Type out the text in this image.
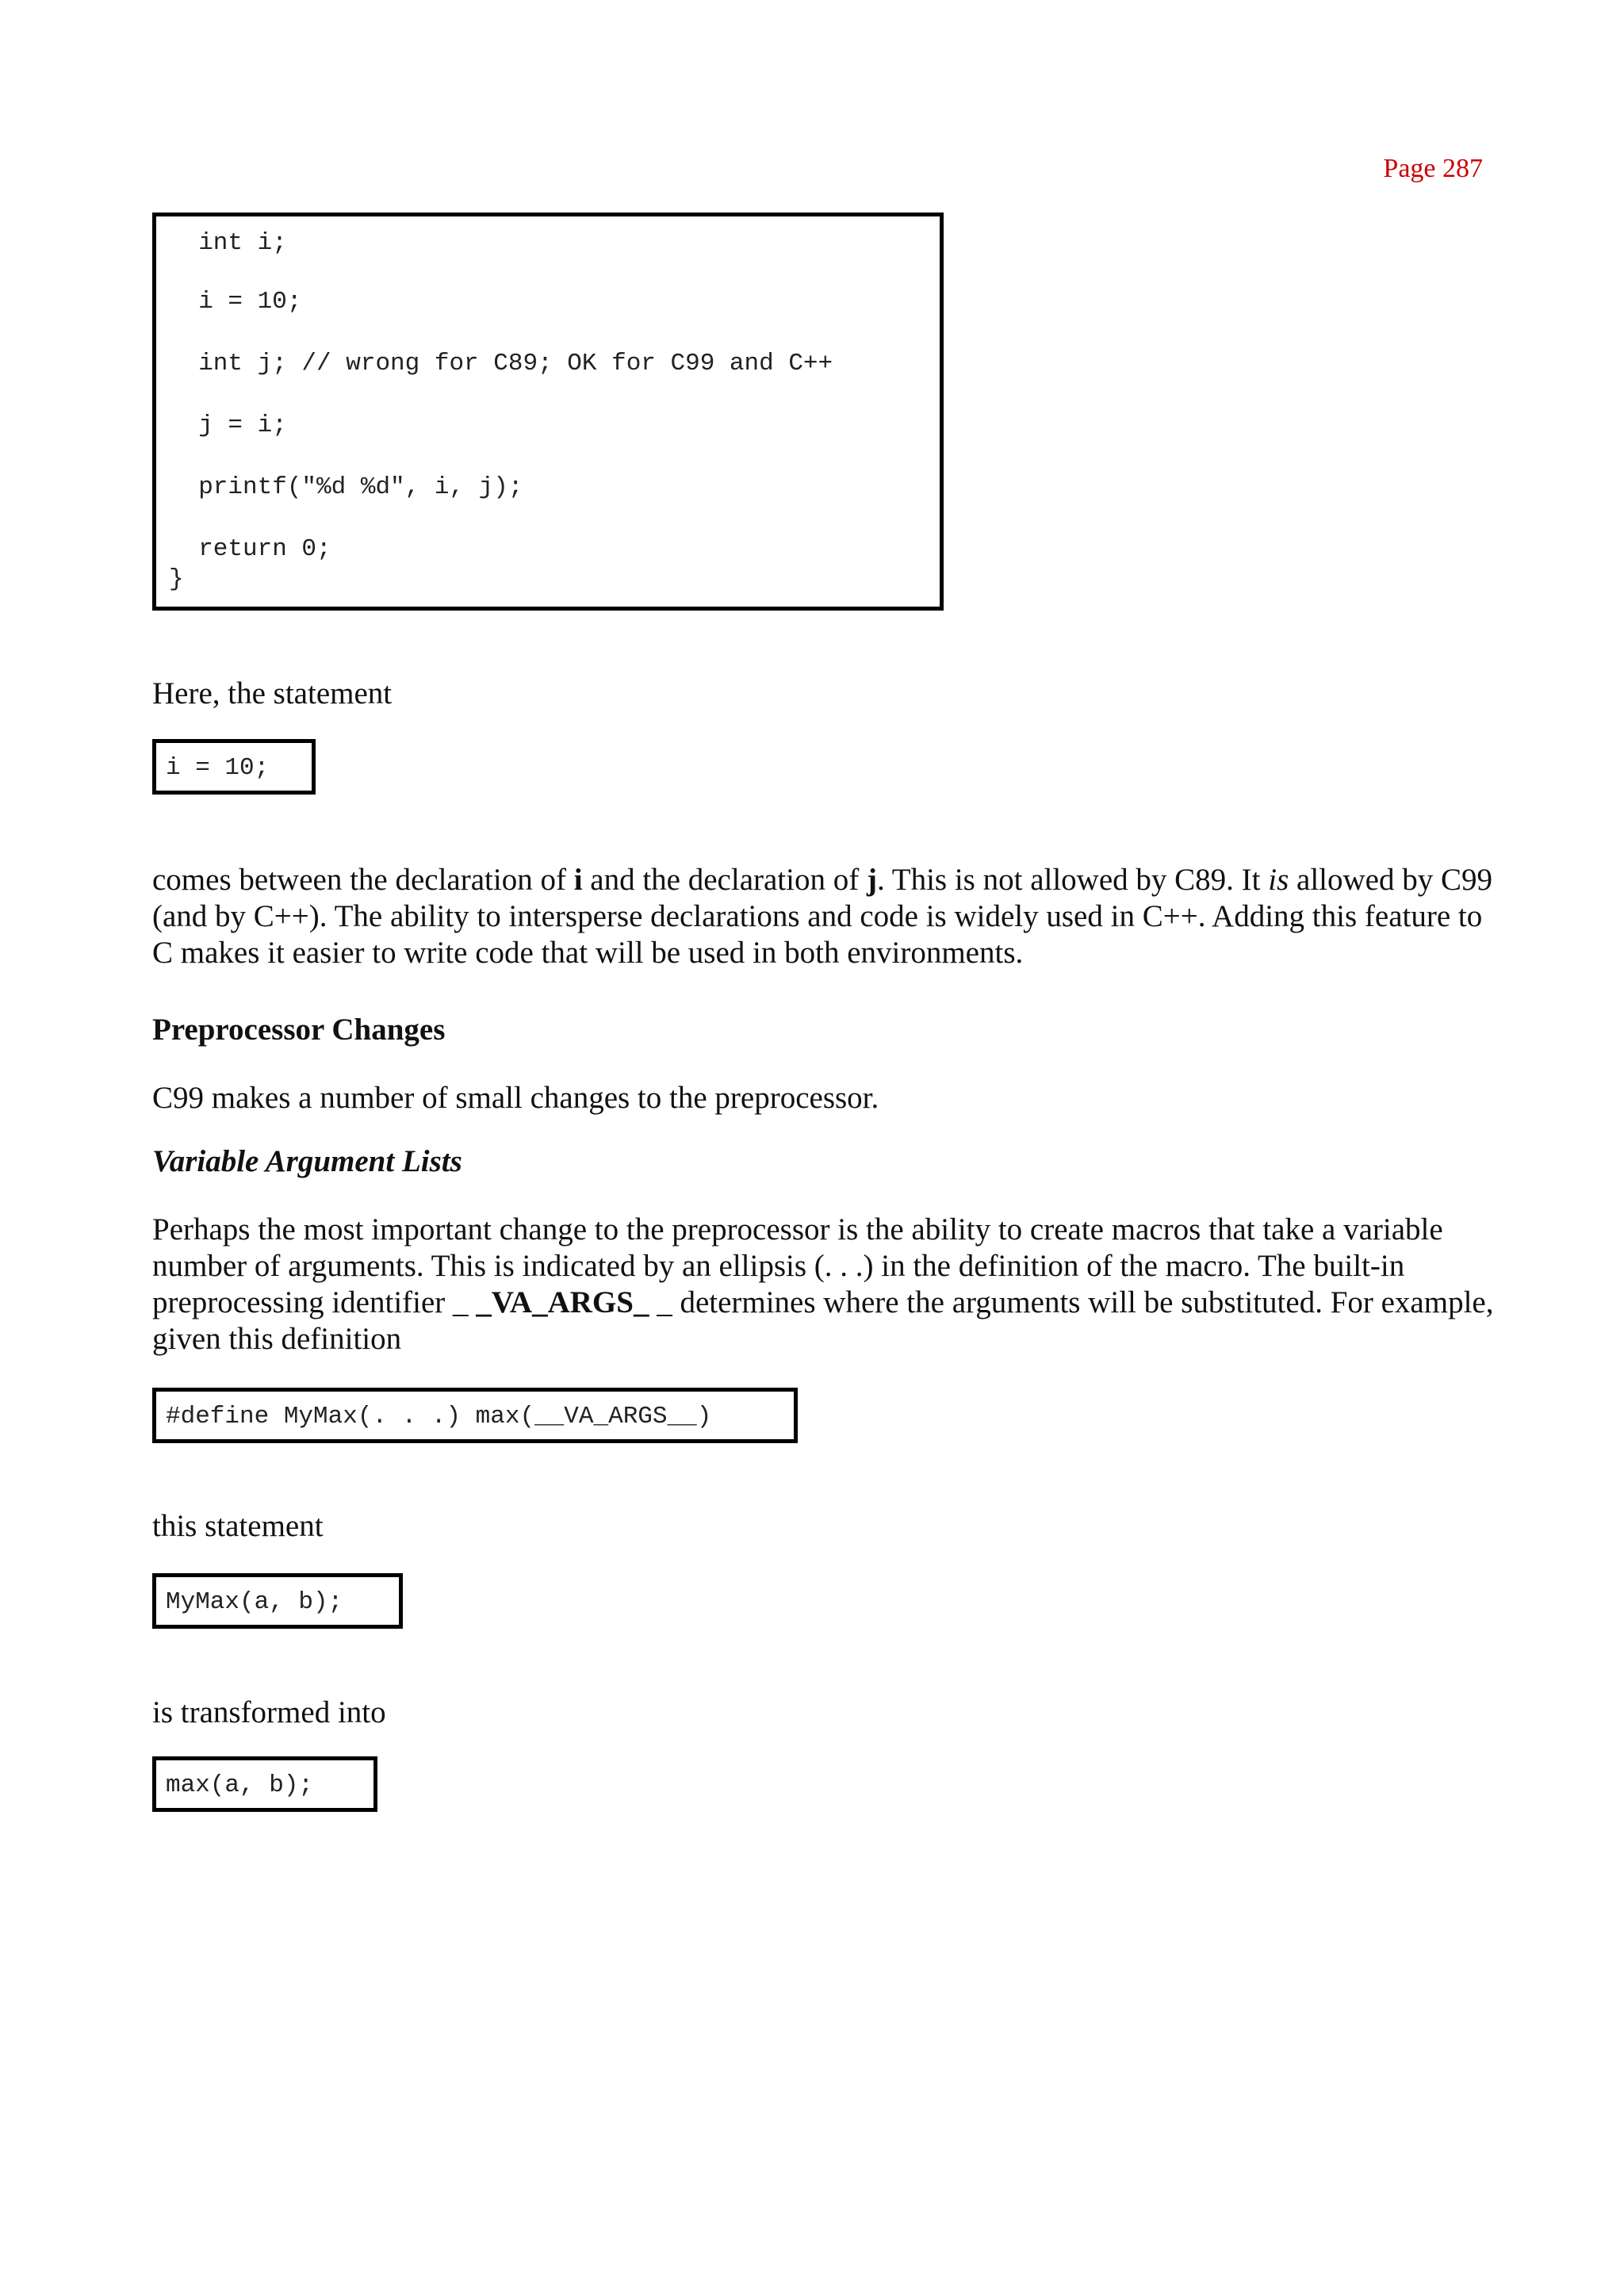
Page 287

int i;

i = 10;

int j; // wrong for C89; OK for C99 and C++

j = i;

printf("%d %d", i, j);

return 0;

}

Here, the statement

i = 10;

comes between the declaration of i and the declaration of j. This is not allowed by C89. It is allowed by C99 (and by C++). The ability to intersperse declarations and code is widely used in C++. Adding this feature to C makes it easier to write code that will be used in both environments.
Preprocessor Changes
C99 makes a number of small changes to the preprocessor.
Variable Argument Lists
Perhaps the most important change to the preprocessor is the ability to create macros that take a variable number of arguments. This is indicated by an ellipsis (. . .) in the definition of the macro. The built-in preprocessing identifier _ _VA_ARGS_ _ determines where the arguments will be substituted. For example, given this definition

#define MyMax(. . .) max(__VA_ARGS__)

this statement

MyMax(a, b);

is transformed into

max(a, b);
